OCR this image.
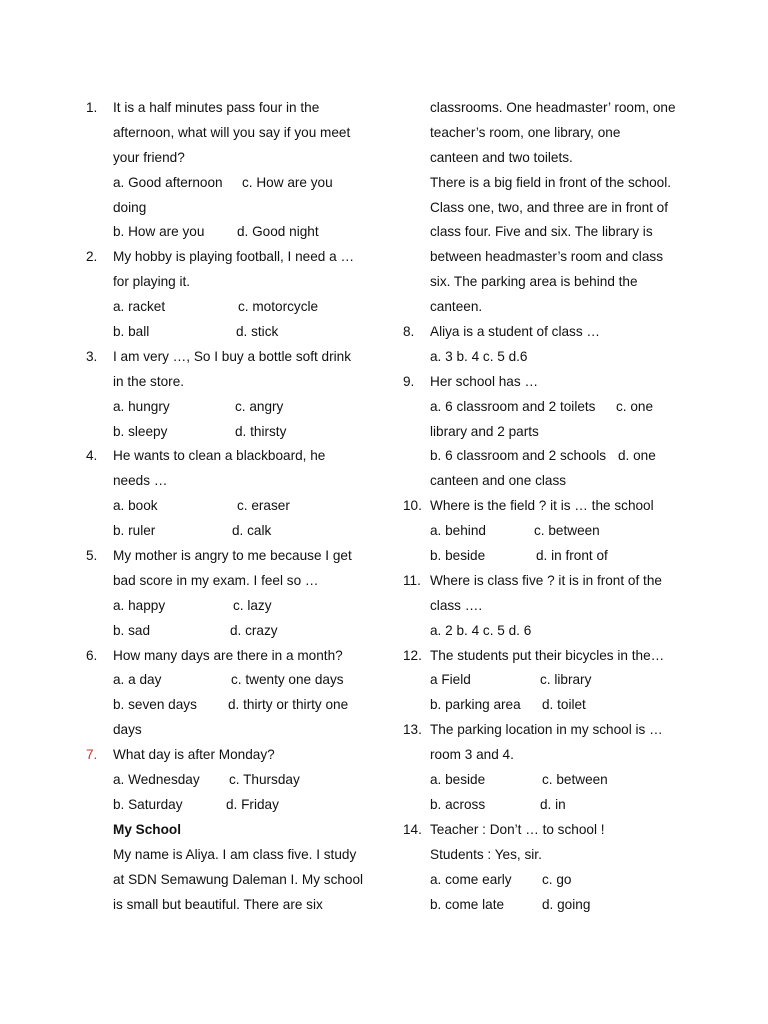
1.	It is a half minutes pass four in the
afternoon, what will you say if you meet
your friend?
a. Good afternoon c. How are you
doing
b. How are you d. Good night
2.	My hobby is playing football, I need a …
for playing it.
a. racket	c. motorcycle
b. ball	d. stick
3.	I am very …, So I buy a bottle soft drink
in the store.
a. hungry	c. angry
b. sleepy	d. thirsty
4.	He wants to clean a blackboard, he
needs …
a. book	c. eraser
b. ruler	d. calk
5.	My mother is angry to me because I get
bad score in my exam. I feel so …
a. happy	c. lazy
b. sad	d. crazy
6.	How many days are there in a month?
a. a day	c. twenty one days
b. seven days d. thirty or thirty one
days
7.	What day is after Monday?
a. Wednesday c. Thursday
b. Saturday	d. Friday
My School
My name is Aliya. I am class five. I study
at SDN Semawung Daleman I. My school
is small but beautiful. There are six
classrooms. One headmaster’ room, one
teacher’s room, one library, one
canteen and two toilets.
There is a big field in front of the school.
Class one, two, and three are in front of
class four. Five and six. The library is
between headmaster’s room and class
six. The parking area is behind the
canteen.
8.	Aliya is a student of class …
a. 3 b. 4 c. 5 d.6
9.	Her school has …
a. 6 classroom and 2 toilets c. one
library and 2 parts
b. 6 classroom and 2 schools d. one
canteen and one class
10. Where is the field ? it is … the school
a. behind	c. between
b. beside	d. in front of
11. Where is class five ? it is in front of the
class ….
a. 2 b. 4 c. 5 d. 6
12. The students put their bicycles in the…
a Field	c. library
b. parking area d. toilet
13. The parking location in my school is …
room 3 and 4.
a. beside	c. between
b. across	d. in
14. Teacher : Don’t … to school !
Students : Yes, sir.
a. come early c. go
b. come late	d. going
